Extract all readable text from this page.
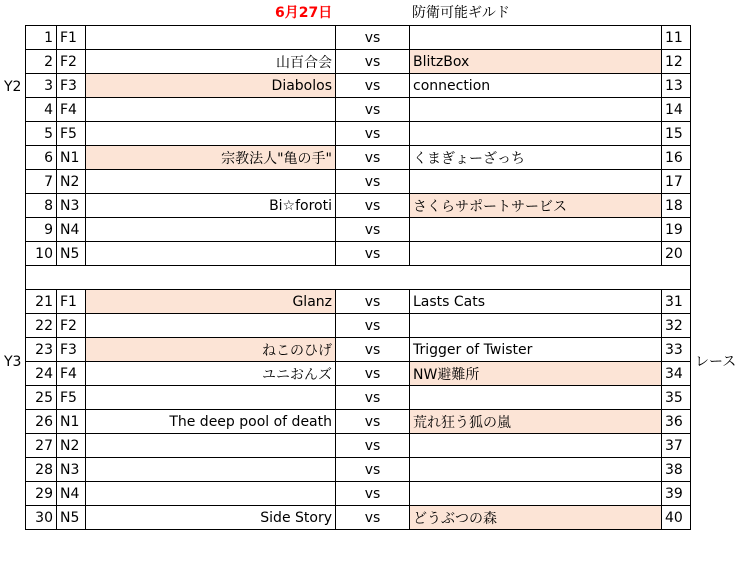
6月27日	防衛可能ギルド
Y2
Y3	レース
1	F1		vs		11
2	F2	山百合会	vs	BlitzBox	12
3	F3	Diabolos	vs	connection	13
4	F4		vs		14
5	F5		vs		15
6	N1	宗教法人"亀の手"	vs	くまぎょーざっち	16
7	N2		vs		17
8	N3	Bi☆foroti	vs	さくらサポートサービス	18
9	N4		vs		19
10	N5		vs		20

21	F1	Glanz	vs	Lasts Cats	31
22	F2		vs		32
23	F3	ねこのひげ	vs	Trigger of Twister	33
24	F4	ユニおんズ	vs	NW避難所	34
25	F5		vs		35
26	N1	The deep pool of death	vs	荒れ狂う狐の嵐	36
27	N2		vs		37
28	N3		vs		38
29	N4		vs		39
30	N5	Side Story	vs	どうぶつの森	40
